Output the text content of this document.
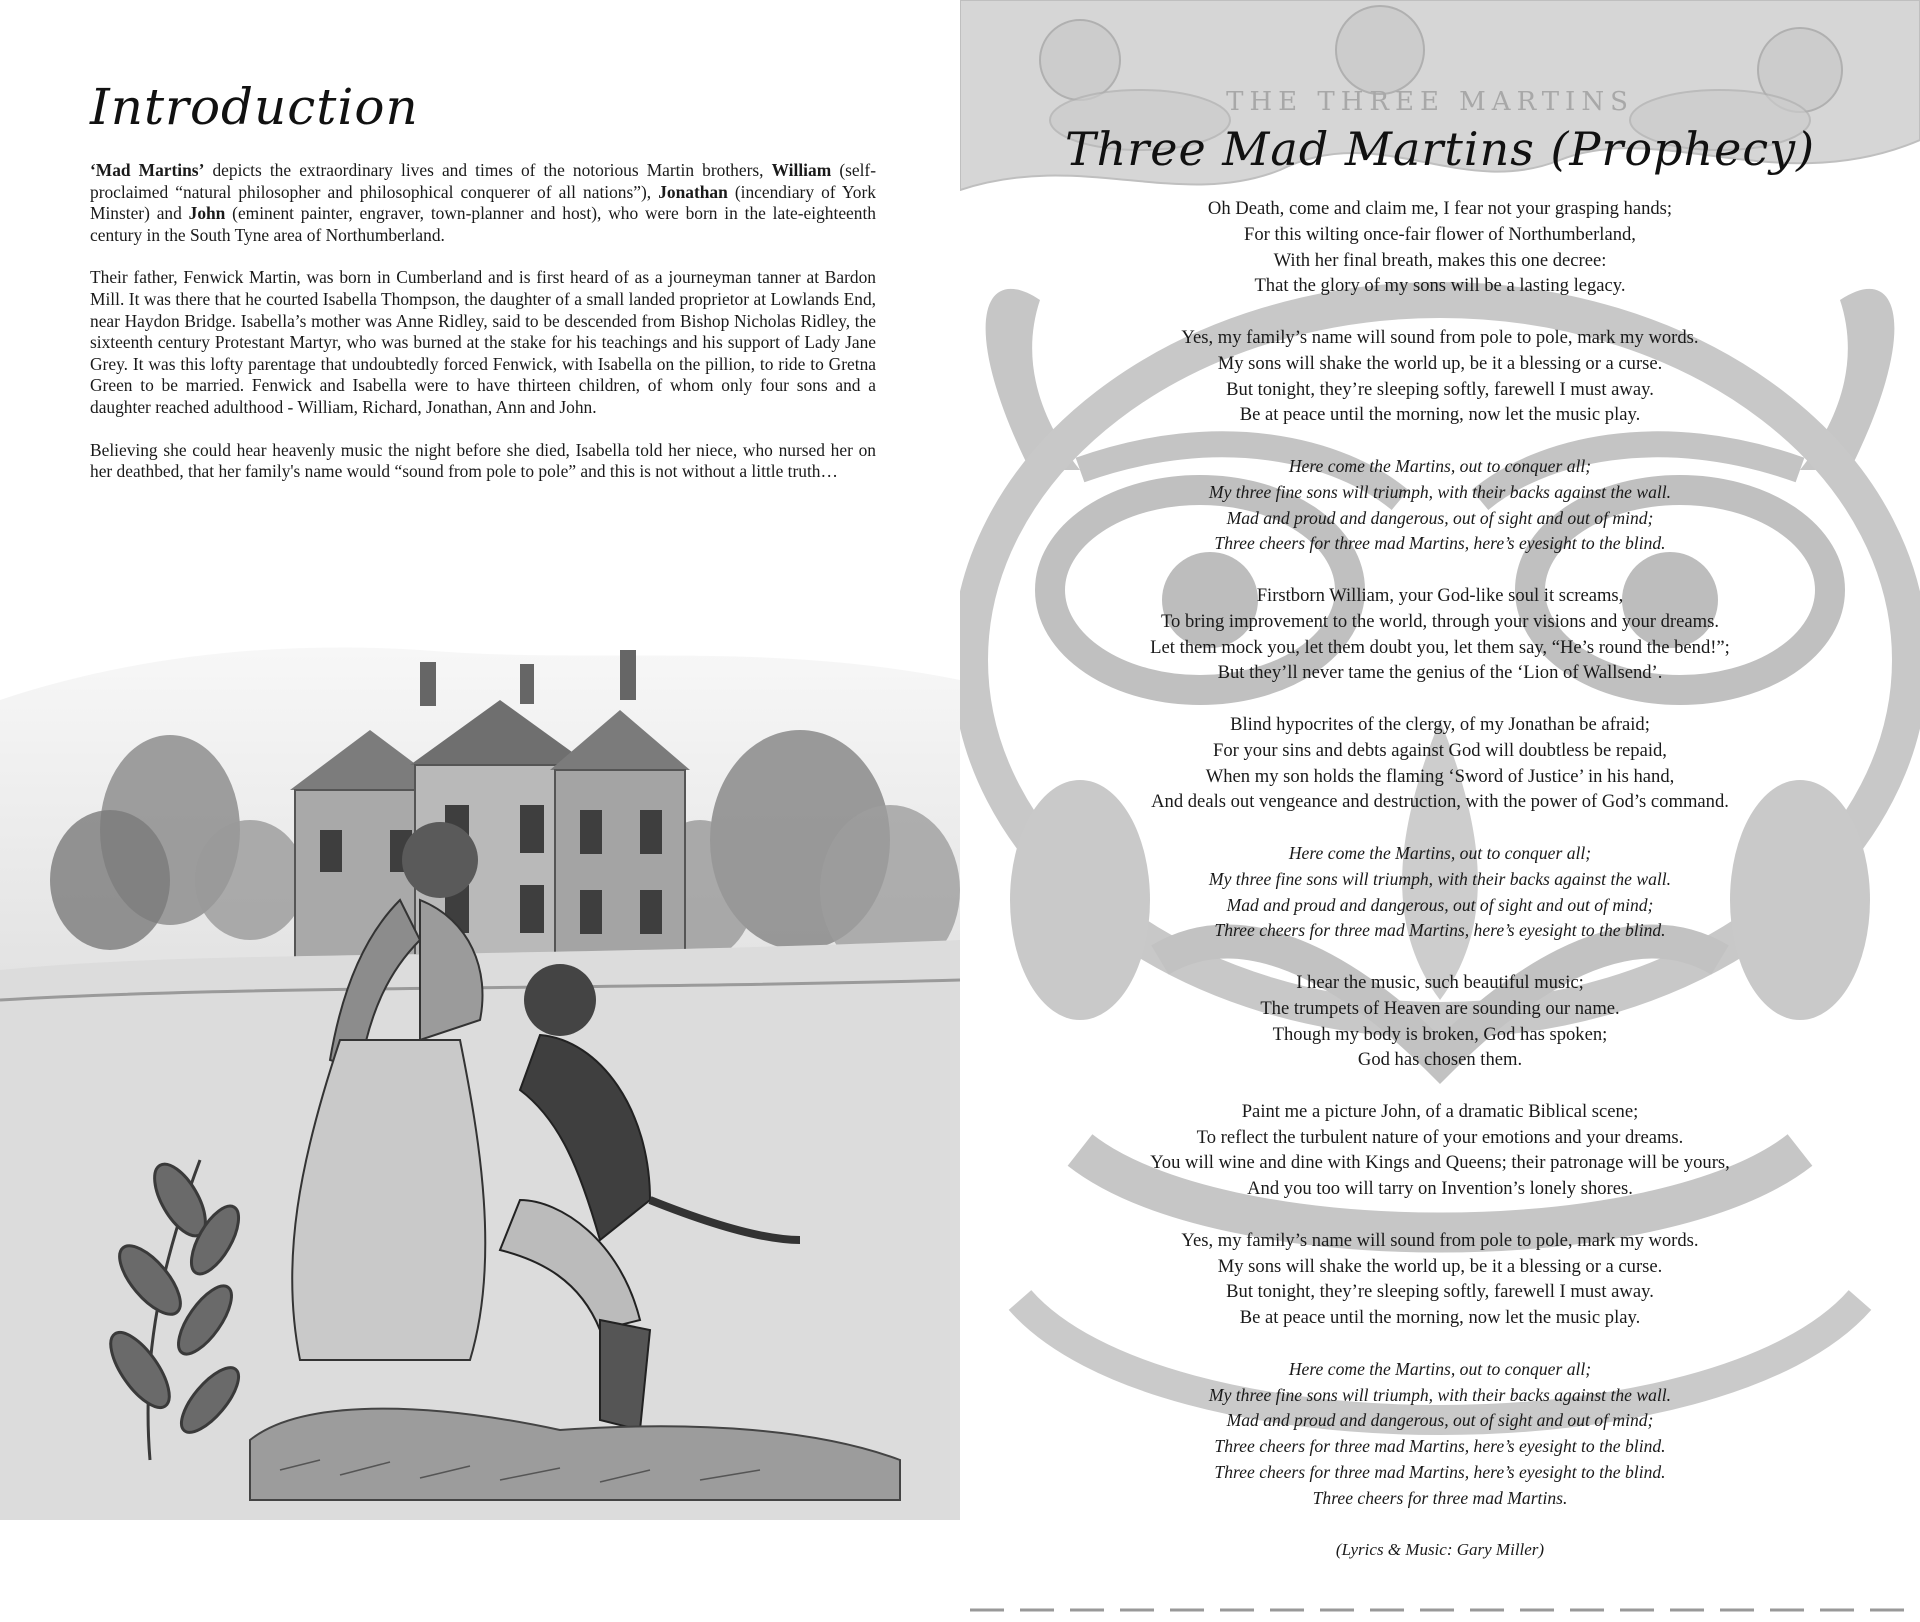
Introduction

‘Mad Martins’ depicts the extraordinary lives and times of the notorious Martin brothers, William (self-proclaimed “natural philosopher and philosophical conquerer of all nations”), Jonathan (incendiary of York Minster) and John (eminent painter, engraver, town-planner and host), who were born in the late-eighteenth century in the South Tyne area of Northumberland.

Their father, Fenwick Martin, was born in Cumberland and is first heard of as a journeyman tanner at Bardon Mill. It was there that he courted Isabella Thompson, the daughter of a small landed proprietor at Lowlands End, near Haydon Bridge. Isabella’s mother was Anne Ridley, said to be descended from Bishop Nicholas Ridley, the sixteenth century Protestant Martyr, who was burned at the stake for his teachings and his support of Lady Jane Grey. It was this lofty parentage that undoubtedly forced Fenwick, with Isabella on the pillion, to ride to Gretna Green to be married. Fenwick and Isabella were to have thirteen children, of whom only four sons and a daughter reached adulthood - William, Richard, Jonathan, Ann and John.

Believing she could hear heavenly music the night before she died, Isabella told her niece, who nursed her on her deathbed, that her family's name would “sound from pole to pole” and this is not without a little truth…

THE THREE MARTINS
Three Mad Martins (Prophecy)
Oh Death, come and claim me, I fear not your grasping hands;
For this wilting once-fair flower of Northumberland,
With her final breath, makes this one decree:
That the glory of my sons will be a lasting legacy.
Yes, my family’s name will sound from pole to pole, mark my words.
My sons will shake the world up, be it a blessing or a curse.
But tonight, they’re sleeping softly, farewell I must away.
Be at peace until the morning, now let the music play.
Here come the Martins, out to conquer all;
My three fine sons will triumph, with their backs against the wall.
Mad and proud and dangerous, out of sight and out of mind;
Three cheers for three mad Martins, here’s eyesight to the blind.
Firstborn William, your God-like soul it screams,
To bring improvement to the world, through your visions and your dreams.
Let them mock you, let them doubt you, let them say, “He’s round the bend!”;
But they’ll never tame the genius of the ‘Lion of Wallsend’.
Blind hypocrites of the clergy, of my Jonathan be afraid;
For your sins and debts against God will doubtless be repaid,
When my son holds the flaming ‘Sword of Justice’ in his hand,
And deals out vengeance and destruction, with the power of God’s command.
Here come the Martins, out to conquer all;
My three fine sons will triumph, with their backs against the wall.
Mad and proud and dangerous, out of sight and out of mind;
Three cheers for three mad Martins, here’s eyesight to the blind.
I hear the music, such beautiful music;
The trumpets of Heaven are sounding our name.
Though my body is broken, God has spoken;
God has chosen them.
Paint me a picture John, of a dramatic Biblical scene;
To reflect the turbulent nature of your emotions and your dreams.
You will wine and dine with Kings and Queens; their patronage will be yours,
And you too will tarry on Invention’s lonely shores.
Yes, my family’s name will sound from pole to pole, mark my words.
My sons will shake the world up, be it a blessing or a curse.
But tonight, they’re sleeping softly, farewell I must away.
Be at peace until the morning, now let the music play.
Here come the Martins, out to conquer all;
My three fine sons will triumph, with their backs against the wall.
Mad and proud and dangerous, out of sight and out of mind;
Three cheers for three mad Martins, here’s eyesight to the blind.
Three cheers for three mad Martins, here’s eyesight to the blind.
Three cheers for three mad Martins.
(Lyrics & Music: Gary Miller)
